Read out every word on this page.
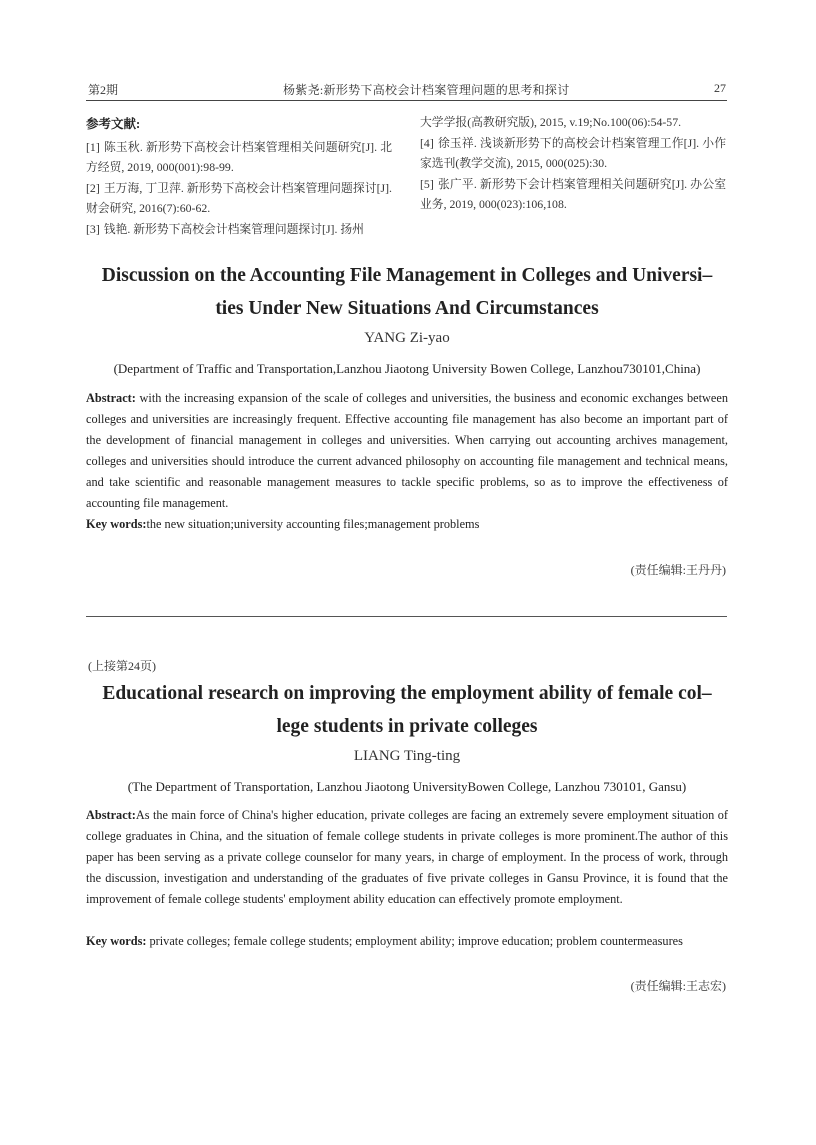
第2期	杨紫尧:新形势下高校会计档案管理问题的思考和探讨	27
参考文献:

[1] 陈玉秋. 新形势下高校会计档案管理相关问题研究[J]. 北方经贸, 2019, 000(001):98-99.

[2] 王万海, 丁卫萍. 新形势下高校会计档案管理问题探讨[J]. 财会研究, 2016(7):60-62.

[3] 钱艳. 新形势下高校会计档案管理问题探讨[J]. 扬州

大学学报(高教研究版), 2015, v.19;No.100(06):54-57.

[4] 徐玉祥. 浅谈新形势下的高校会计档案管理工作[J]. 小作家选刊(教学交流), 2015, 000(025):30.

[5] 张广平. 新形势下会计档案管理相关问题研究[J]. 办公室业务, 2019, 000(023):106,108.

Discussion on the Accounting File Management in Colleges and Universi–
ties Under New Situations And Circumstances
YANG Zi-yao
(Department of Traffic and Transportation,Lanzhou Jiaotong University Bowen College, Lanzhou730101,China)
Abstract: with the increasing expansion of the scale of colleges and universities, the business and economic exchanges between colleges and universities are increasingly frequent. Effective accounting file management has also become an important part of the development of financial management in colleges and universities. When carrying out accounting archives management, colleges and universities should introduce the current advanced philosophy on accounting file management and technical means, and take scientific and reasonable management measures to tackle specific problems, so as to improve the effectiveness of accounting file management.
Key words:the new situation;university accounting files;management problems
(责任编辑:王丹丹)
(上接第24页)
Educational research on improving the employment ability of female col–
lege students in private colleges
LIANG Ting-ting
(The Department of Transportation, Lanzhou Jiaotong UniversityBowen College, Lanzhou 730101, Gansu)
Abstract:As the main force of China's higher education, private colleges are facing an extremely severe employment situation of college graduates in China, and the situation of female college students in private colleges is more prominent.The author of this paper has been serving as a private college counselor for many years, in charge of employment. In the process of work, through the discussion, investigation and understanding of the graduates of five private colleges in Gansu Province, it is found that the improvement of female college students' employment ability education can effectively promote employment.
Key words: private colleges; female college students; employment ability; improve education; problem countermeasures
(责任编辑:王志宏)
